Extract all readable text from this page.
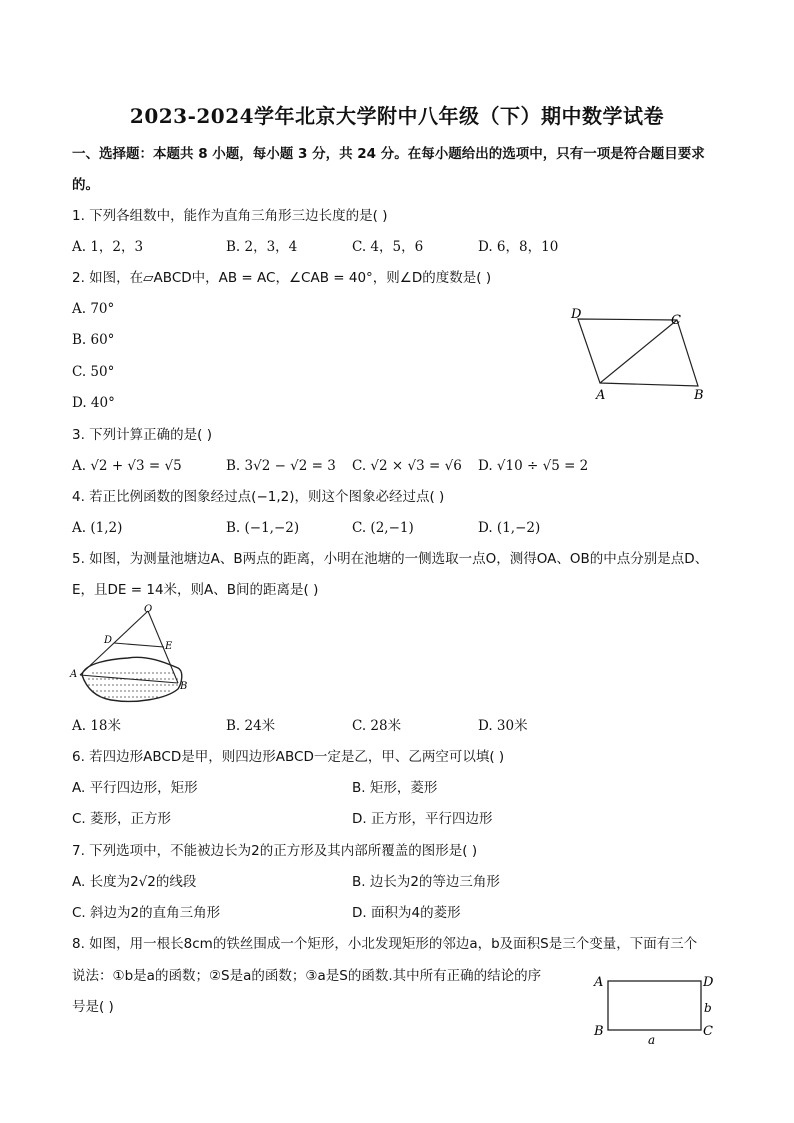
2023-2024学年北京大学附中八年级（下）期中数学试卷
一、选择题：本题共 8 小题，每小题 3 分，共 24 分。在每小题给出的选项中，只有一项是符合题目要求
的。
1. 下列各组数中，能作为直角三角形三边长度的是( )
A. 1，2，3	B. 2，3，4	C. 4，5，6	D. 6，8，10
2. 如图，在▱ABCD中，AB = AC，∠CAB = 40°，则∠D的度数是( )
A. 70°
B. 60°
C. 50°
D. 40°
D	C
A	B
3. 下列计算正确的是( )
A. √2 + √3 = √5	B. 3√2 − √2 = 3 C. √2 × √3 = √6 D. √10 ÷ √5 = 2
4. 若正比例函数的图象经过点(−1,2)，则这个图象必经过点( )
A. (1,2)	B. (−1,−2)	C. (2,−1)	D. (1,−2)
5. 如图，为测量池塘边A、B两点的距离，小明在池塘的一侧选取一点O，测得OA、OB的中点分别是点D、
E，且DE = 14米，则A、B间的距离是( )
O
D
E
A
B
A. 18米	B. 24米	C. 28米	D. 30米
6. 若四边形ABCD是甲，则四边形ABCD一定是乙，甲、乙两空可以填( )
A. 平行四边形，矩形	B. 矩形，菱形
C. 菱形，正方形	D. 正方形，平行四边形
7. 下列选项中，不能被边长为2的正方形及其内部所覆盖的图形是( )
A. 长度为2√2的线段	B. 边长为2的等边三角形
C. 斜边为2的直角三角形	D. 面积为4的菱形
8. 如图，用一根长8cm的铁丝围成一个矩形，小北发现矩形的邻边a，b及面积S是三个变量，下面有三个
说法：①b是a的函数；②S是a的函数；③a是S的函数.其中所有正确的结论的序
号是( )
A	D
B	C
b
a
